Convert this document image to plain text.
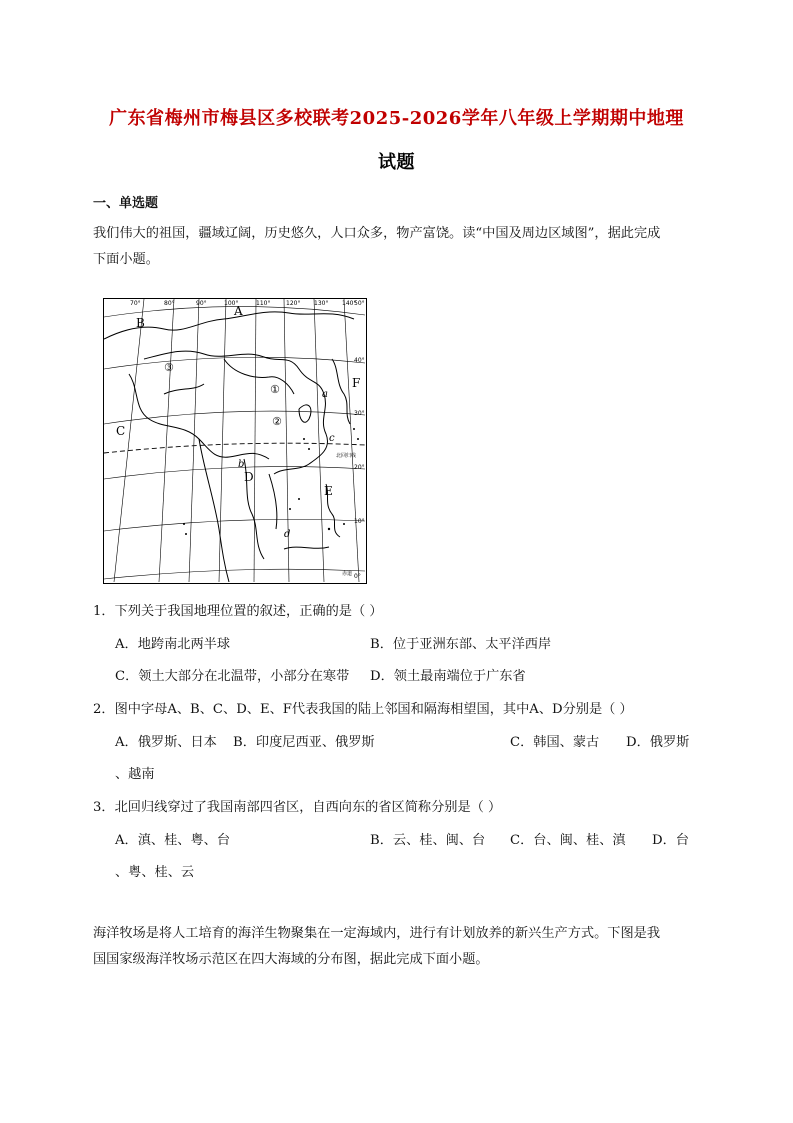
广东省梅州市梅县区多校联考2025-2026学年八年级上学期期中地理
试题
一、单选题
我们伟大的祖国，疆域辽阔，历史悠久，人口众多，物产富饶。读“中国及周边区域图”，据此完成
下面小题。
70°	80°	90°	100°	110°	120° 130° 140°
50°
40°
30°
20°
10°
0°
北回归线
赤道
A
B
C
D
E
F
a
b
c
d
①
②
③
1．下列关于我国地理位置的叙述，正确的是（ ）
A．地跨南北两半球	B．位于亚洲东部、太平洋西岸
C．领土大部分在北温带，小部分在寒带 D．领土最南端位于广东省
2．图中字母A、B、C、D、E、F代表我国的陆上邻国和隔海相望国，其中A、D分别是（ ）
A．俄罗斯、日本 B．印度尼西亚、俄罗斯	C．韩国、蒙古 D．俄罗斯
、越南
3．北回归线穿过了我国南部四省区，自西向东的省区简称分别是（ ）
A．滇、桂、粤、台	B．云、桂、闽、台 C．台、闽、桂、滇 D．台
、粤、桂、云
海洋牧场是将人工培育的海洋生物聚集在一定海域内，进行有计划放养的新兴生产方式。下图是我
国国家级海洋牧场示范区在四大海域的分布图，据此完成下面小题。
